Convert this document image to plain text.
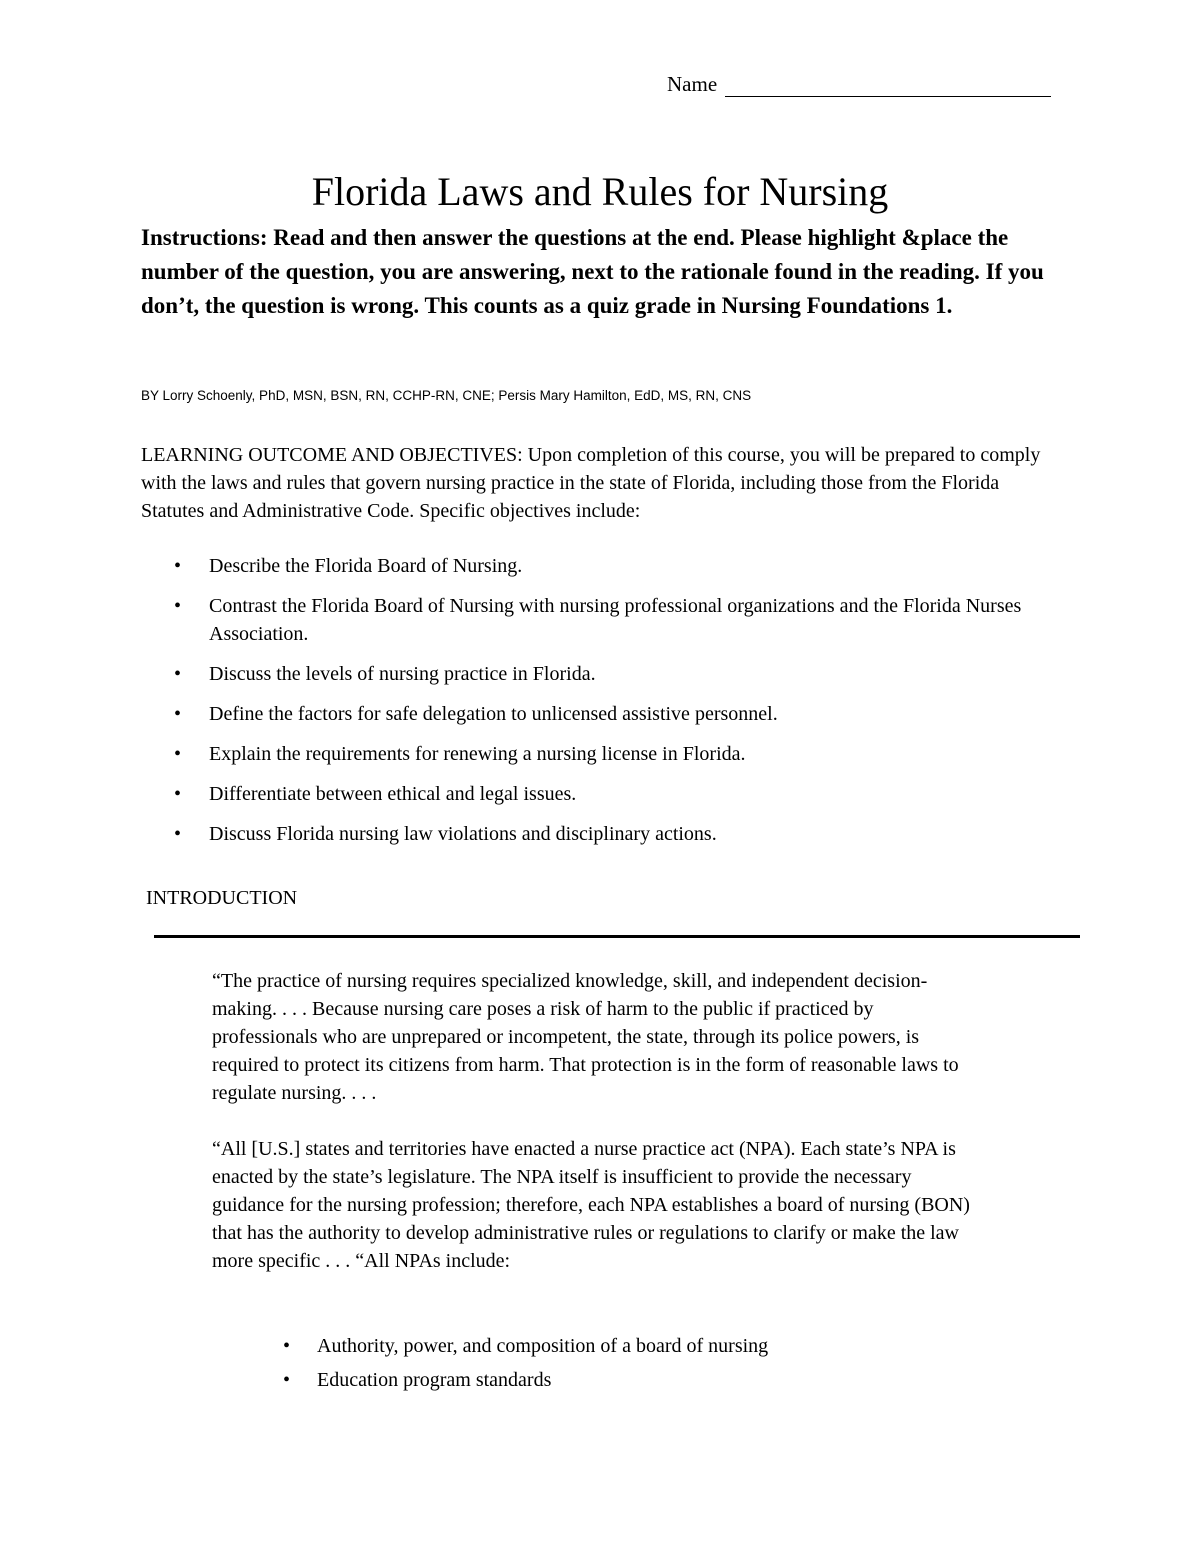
Name
Florida Laws and Rules for Nursing

Instructions: Read and then answer the questions at the end. Please highlight &place the number of the question, you are answering, next to the rationale found in the reading. If you don’t, the question is wrong. This counts as a quiz grade in Nursing Foundations 1.

BY Lorry Schoenly, PhD, MSN, BSN, RN, CCHP-RN, CNE; Persis Mary Hamilton, EdD, MS, RN, CNS

LEARNING OUTCOME AND OBJECTIVES: Upon completion of this course, you will be prepared to comply with the laws and rules that govern nursing practice in the state of Florida, including those from the Florida Statutes and Administrative Code. Specific objectives include:

• Describe the Florida Board of Nursing.
• Contrast the Florida Board of Nursing with nursing professional organizations and the Florida Nurses Association.
• Discuss the levels of nursing practice in Florida.
• Define the factors for safe delegation to unlicensed assistive personnel.
• Explain the requirements for renewing a nursing license in Florida.
• Differentiate between ethical and legal issues.
• Discuss Florida nursing law violations and disciplinary actions.
INTRODUCTION

“The practice of nursing requires specialized knowledge, skill, and independent decision-making. . . . Because nursing care poses a risk of harm to the public if practiced by professionals who are unprepared or incompetent, the state, through its police powers, is required to protect its citizens from harm. That protection is in the form of reasonable laws to regulate nursing. . . .

“All [U.S.] states and territories have enacted a nurse practice act (NPA). Each state’s NPA is enacted by the state’s legislature. The NPA itself is insufficient to provide the necessary guidance for the nursing profession; therefore, each NPA establishes a board of nursing (BON) that has the authority to develop administrative rules or regulations to clarify or make the law more specific . . . “All NPAs include:

• Authority, power, and composition of a board of nursing
• Education program standards
